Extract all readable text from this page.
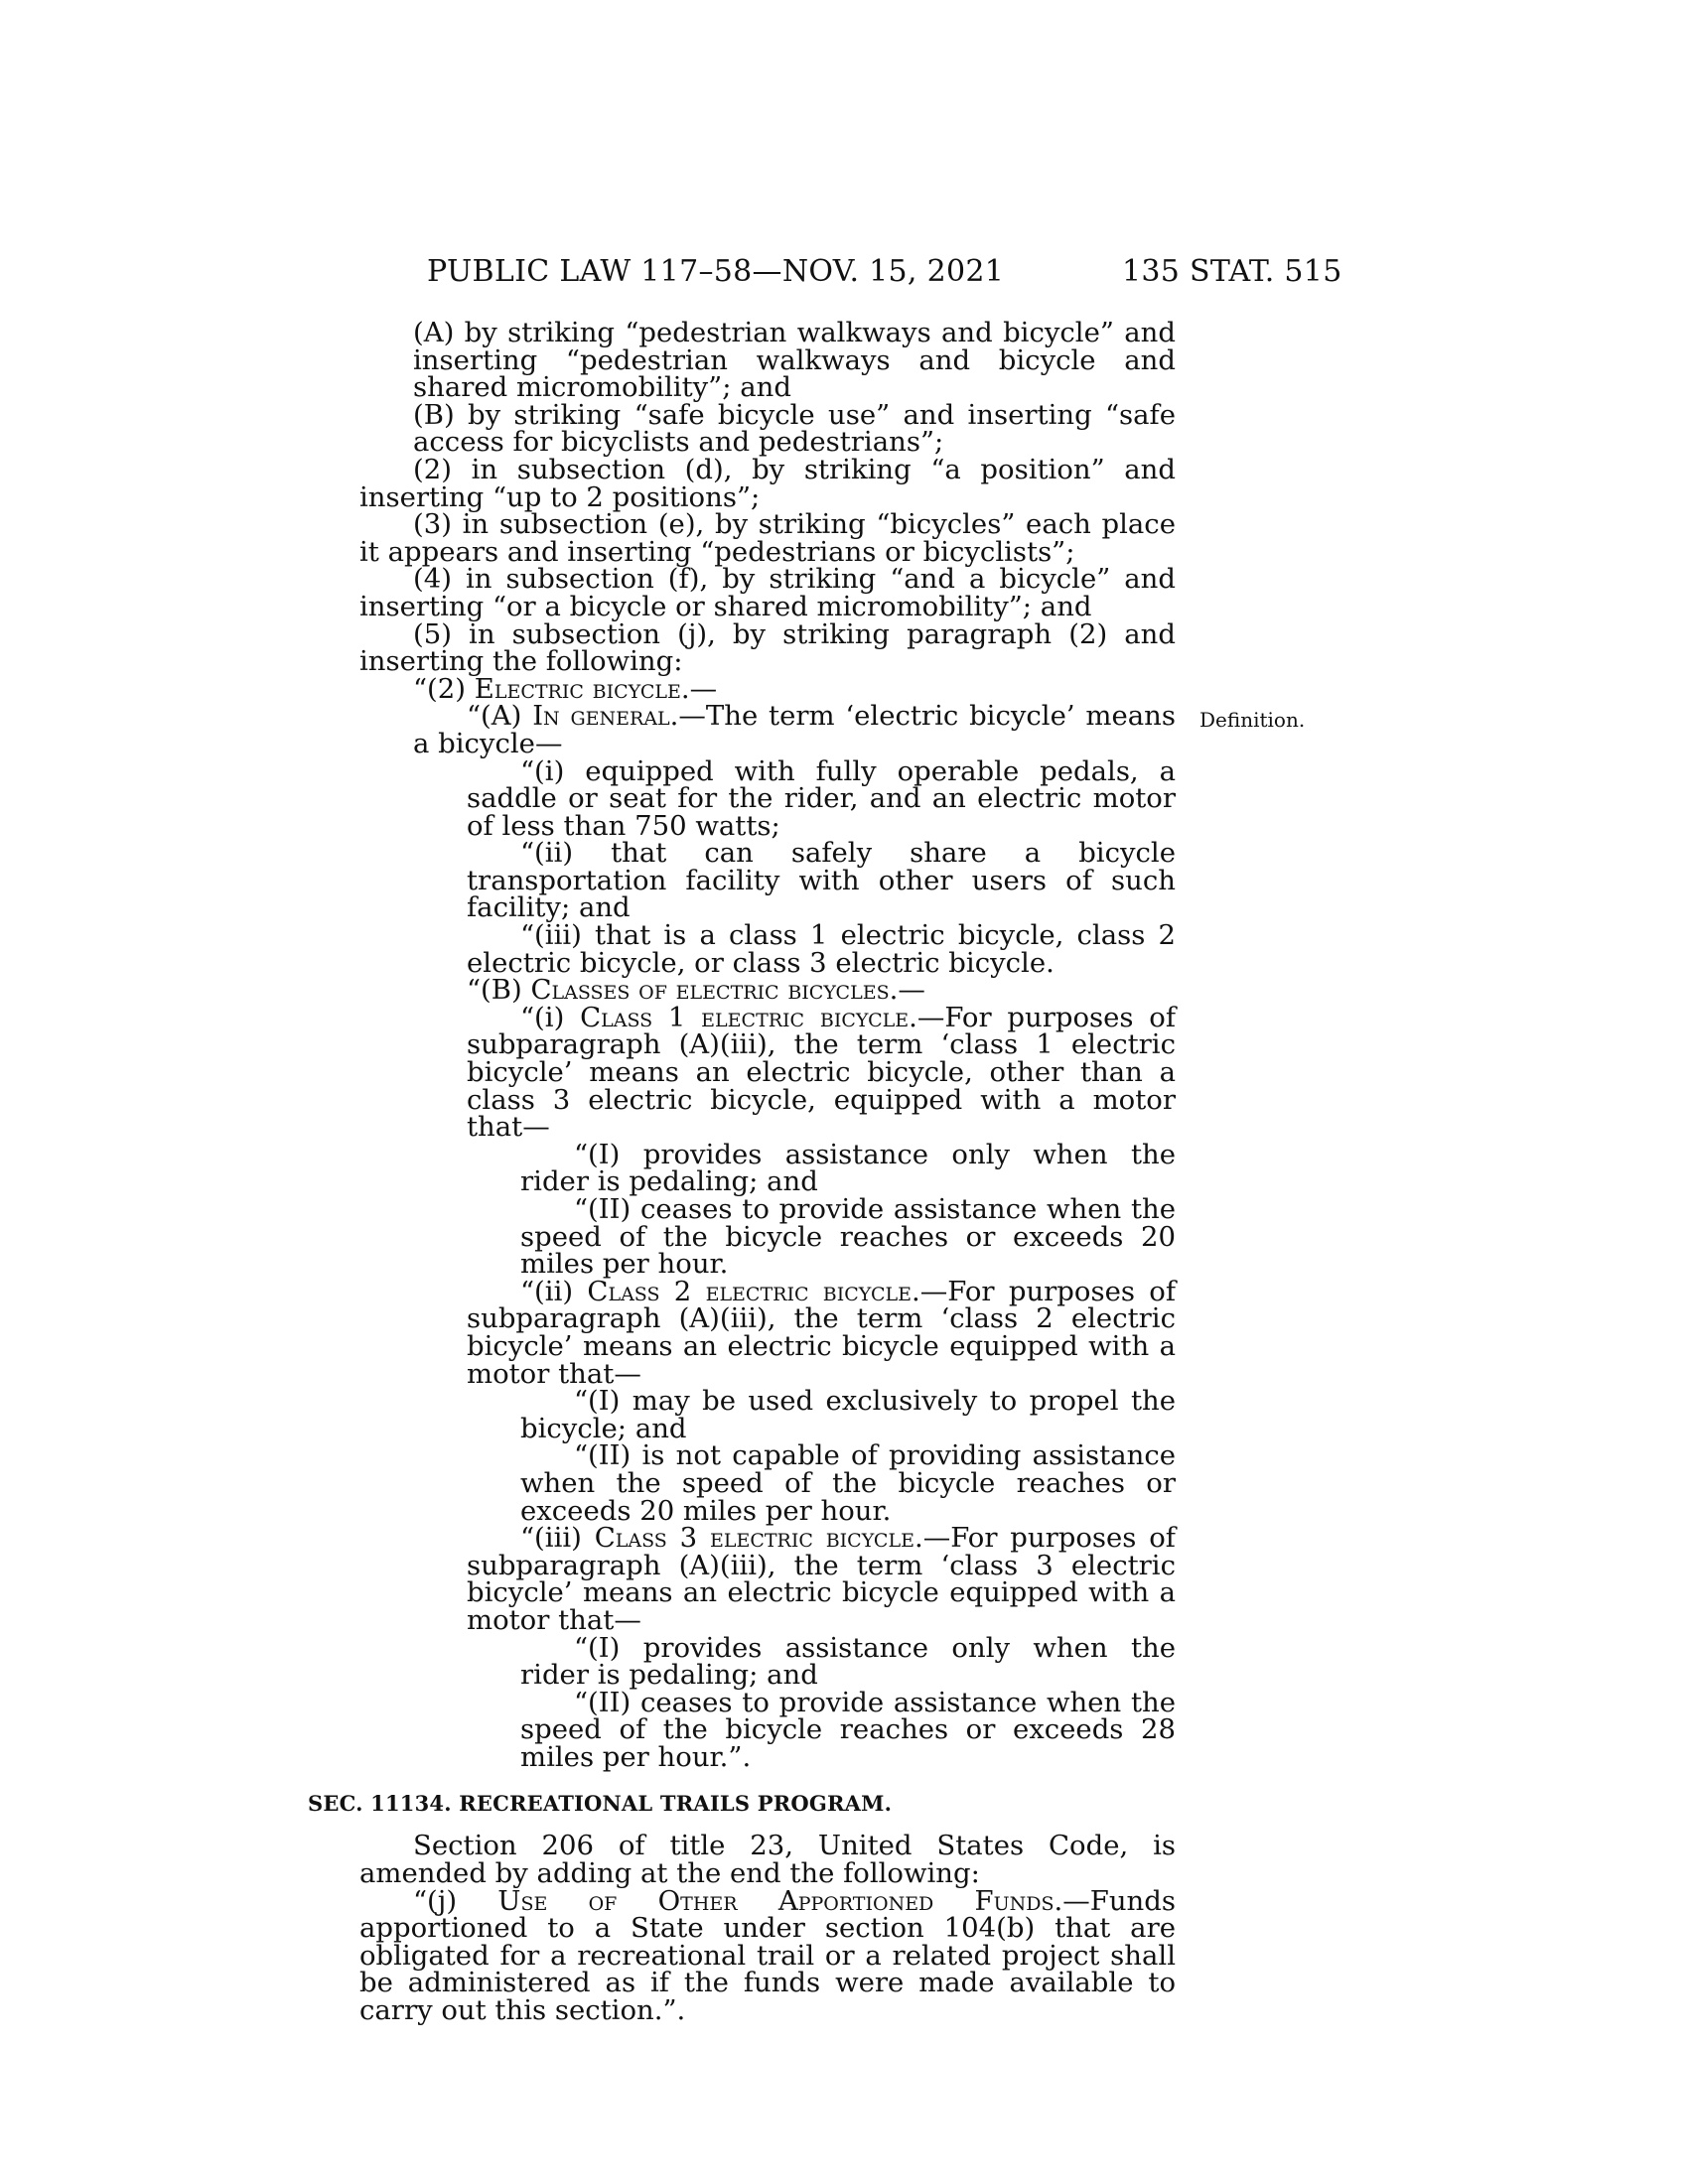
PUBLIC LAW 117–58—NOV. 15, 2021	135 STAT. 515
Definition.

(A) by striking “pedestrian walkways and bicycle” and inserting “pedestrian walkways and bicycle and shared micromobility”; and

(B) by striking “safe bicycle use” and inserting “safe access for bicyclists and pedestrians”;

(2) in subsection (d), by striking “a position” and inserting “up to 2 positions”;

(3) in subsection (e), by striking “bicycles” each place it appears and inserting “pedestrians or bicyclists”;

(4) in subsection (f), by striking “and a bicycle” and inserting “or a bicycle or shared micromobility”; and

(5) in subsection (j), by striking paragraph (2) and inserting the following:

“(2) Electric bicycle.—

“(A) In general.—The term ‘electric bicycle’ means a bicycle—

“(i) equipped with fully operable pedals, a saddle or seat for the rider, and an electric motor of less than 750 watts;

“(ii) that can safely share a bicycle transportation facility with other users of such facility; and

“(iii) that is a class 1 electric bicycle, class 2 electric bicycle, or class 3 electric bicycle.

“(B) Classes of electric bicycles.—

“(i) Class 1 electric bicycle.—For purposes of subparagraph (A)(iii), the term ‘class 1 electric bicycle’ means an electric bicycle, other than a class 3 electric bicycle, equipped with a motor that—

“(I) provides assistance only when the rider is pedaling; and

“(II) ceases to provide assistance when the speed of the bicycle reaches or exceeds 20 miles per hour.

“(ii) Class 2 electric bicycle.—For purposes of subparagraph (A)(iii), the term ‘class 2 electric bicycle’ means an electric bicycle equipped with a motor that—

“(I) may be used exclusively to propel the bicycle; and

“(II) is not capable of providing assistance when the speed of the bicycle reaches or exceeds 20 miles per hour.

“(iii) Class 3 electric bicycle.—For purposes of subparagraph (A)(iii), the term ‘class 3 electric bicycle’ means an electric bicycle equipped with a motor that—

“(I) provides assistance only when the rider is pedaling; and

“(II) ceases to provide assistance when the speed of the bicycle reaches or exceeds 28 miles per hour.”.

SEC. 11134. RECREATIONAL TRAILS PROGRAM.

Section 206 of title 23, United States Code, is amended by adding at the end the following:

“(j) Use of Other Apportioned Funds.—Funds apportioned to a State under section 104(b) that are obligated for a recreational trail or a related project shall be administered as if the funds were made available to carry out this section.”.
